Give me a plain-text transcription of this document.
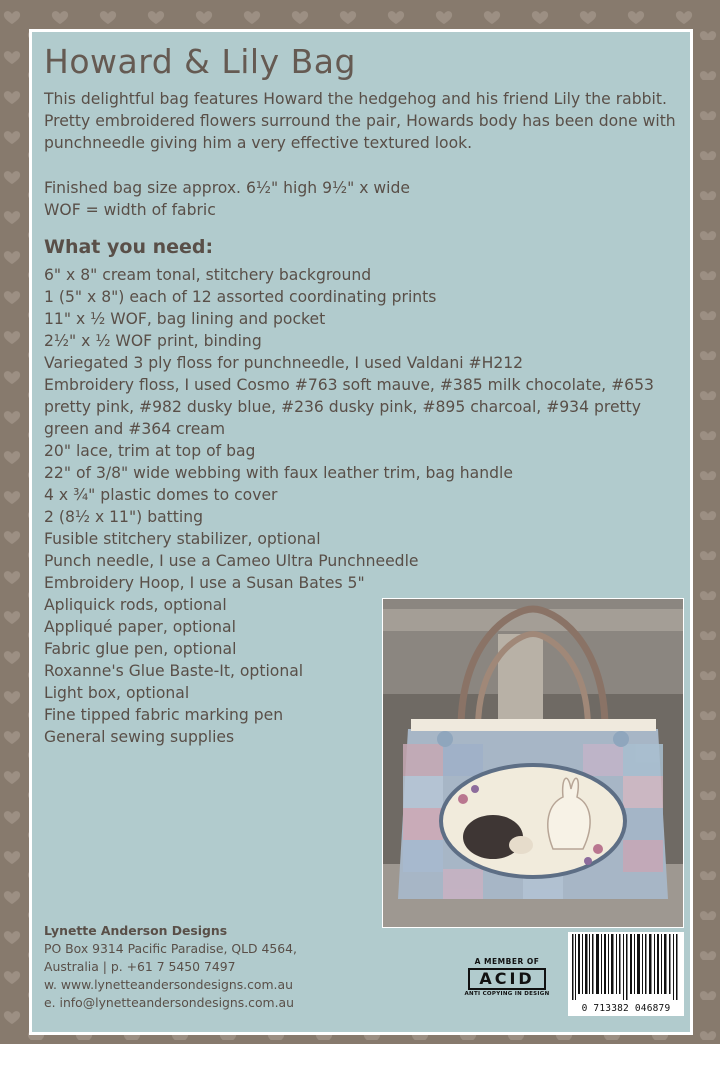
Howard & Lily Bag

This delightful bag features Howard the hedgehog and his friend Lily the rabbit. Pretty embroidered flowers surround the pair, Howards body has been done with punchneedle giving him a very effective textured look.

Finished bag size approx. 6½" high 9½" x wide
WOF = width of fabric
What you need:
6" x 8" cream tonal, stitchery background
1 (5" x 8") each of 12 assorted coordinating prints
11" x ½ WOF, bag lining and pocket
2½" x ½ WOF print, binding
Variegated 3 ply floss for punchneedle, I used Valdani #H212
Embroidery floss, I used Cosmo #763 soft mauve, #385 milk chocolate, #653 pretty pink, #982 dusky blue, #236 dusky pink, #895 charcoal, #934 pretty green and #364 cream
20" lace, trim at top of bag
22" of 3/8" wide webbing with faux leather trim, bag handle
4 x ¾" plastic domes to cover
2 (8½ x 11") batting
Fusible stitchery stabilizer, optional
Punch needle, I use a Cameo Ultra Punchneedle
Embroidery Hoop, I use a Susan Bates 5"
Apliquick rods, optional
Appliqué paper, optional
Fabric glue pen, optional
Roxanne's Glue Baste-It, optional
Light box, optional
Fine tipped fabric marking pen
General sewing supplies
Lynette Anderson Designs
PO Box 9314 Pacific Paradise, QLD 4564,
Australia | p. +61 7 5450 7497
w. www.lynetteandersondesigns.com.au
e. info@lynetteandersondesigns.com.au
A MEMBER OF
ACID
ANTI COPYING IN DESIGN
0 713382 046879
